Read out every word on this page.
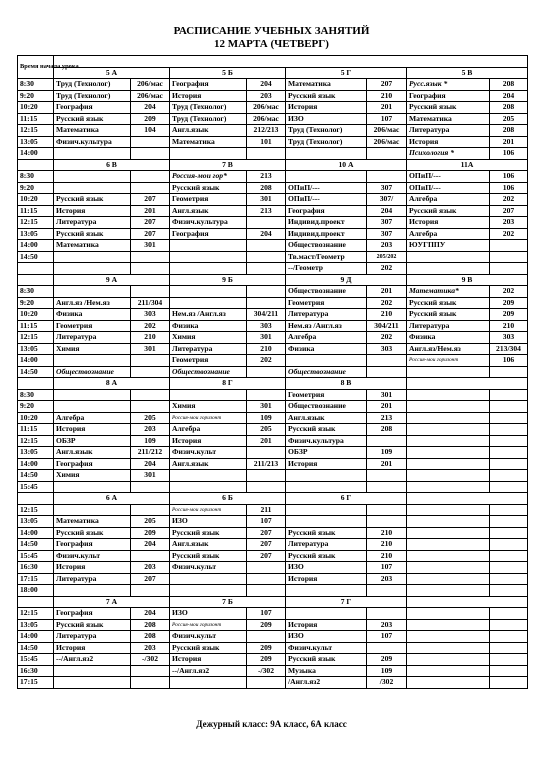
РАСПИСАНИЕ УЧЕБНЫХ ЗАНЯТИЙ
12 МАРТА (ЧЕТВЕРГ)
Время начала урока								
	5 А		5 Б		5 Г		5 В	
8:30	Труд (Технолог)	206/мас	География	204	Математика	207	Русс.язык *	208
9:20	Труд (Технолог)	206/мас	История	203	Русский язык	210	География	204
10:20	География	204	Труд (Технолог)	206/мас	История	201	Русский язык	208
11:15	Русский язык	209	Труд (Технолог)	206/мас	ИЗО	107	Математика	205
12:15	Математика	104	Англ.язык	212/213	Труд (Технолог)	206/мас	Литература	208
13:05	Физич.культура		Математика	101	Труд (Технолог)	206/мас	История	201
14:00							Психология *	106
	6 В		7 В		10 А		11А	
8:30			Россия-мои гор*	213			ОПиП/---	106
9:20			Русский язык	208	ОПиП/---	307	ОПиП/---	106
10:20	Русский язык	207	Геометрия	301	ОПиП/---	307/	Алгебра	202
11:15	История	201	Англ.язык	213	География	204	Русский язык	207
12:15	Литература	207	Физич.культура		Индивид.проект	307	История	203
13:05	Русский язык	207	География	204	Индивид.проект	307	Алгебра	202
14:00	Математика	301			Обществознание	203	ЮУГППУ	
14:50					Тв.маст/Геометр	205/202		
					--/Геометр	202		
	9 А		9 Б		9 Д		9 В	
8:30					Обществознание	201	Математика*	202
9:20	Англ.яз /Нем.яз	211/304			Геометрия	202	Русский язык	209
10:20	Физика	303	Нем.яз /Англ.яз	304/211	Литература	210	Русский язык	209
11:15	Геометрия	202	Физика	303	Нем.яз /Англ.яз	304/211	Литература	210
12:15	Литература	210	Химия	301	Алгебра	202	Физика	303
13:05	Химия	301	Литература	210	Физика	303	Англ.яз/Нем.яз	213/304
14:00			Геометрия	202			Россия-мои горизонт	106
14:50	Обществознание		Обществознание		Обществознание			
	8 А		8 Г		8 В			
8:30					Геометрия	301		
9:20			Химия	301	Обществознание	201		
10:20	Алгебра	205	Россия-мои горизонт	109	Англ.язык	213		
11:15	История	203	Алгебра	205	Русский язык	208		
12:15	ОБЗР	109	История	201	Физич.культура			
13:05	Англ.язык	211/212	Физич.культ		ОБЗР	109		
14:00	География	204	Англ.язык	211/213	История	201		
14:50	Химия	301						
15:45								
	6 А		6 Б		6 Г			
12:15			Россия-мои горизонт	211				
13:05	Математика	205	ИЗО	107				
14:00	Русский язык	209	Русский язык	207	Русский язык	210		
14:50	География	204	Англ.язык	207	Литература	210		
15:45	Физич.культ		Русский язык	207	Русский язык	210		
16:30	История	203	Физич.культ		ИЗО	107		
17:15	Литература	207			История	203		
18:00								
	7 А		7 Б		7 Г			
12:15	География	204	ИЗО	107				
13:05	Русский язык	208	Россия-мои горизонт	209	История	203		
14:00	Литература	208	Физич.культ		ИЗО	107		
14:50	История	203	Русский язык	209	Физич.культ			
15:45	--/Англ.яз2	-/302	История	209	Русский язык	209		
16:30			--/Англ.яз2	-/302	Музыка	109		
17:15					/Англ.яз2	/302		
Дежурный класс: 9А класс, 6А класс
